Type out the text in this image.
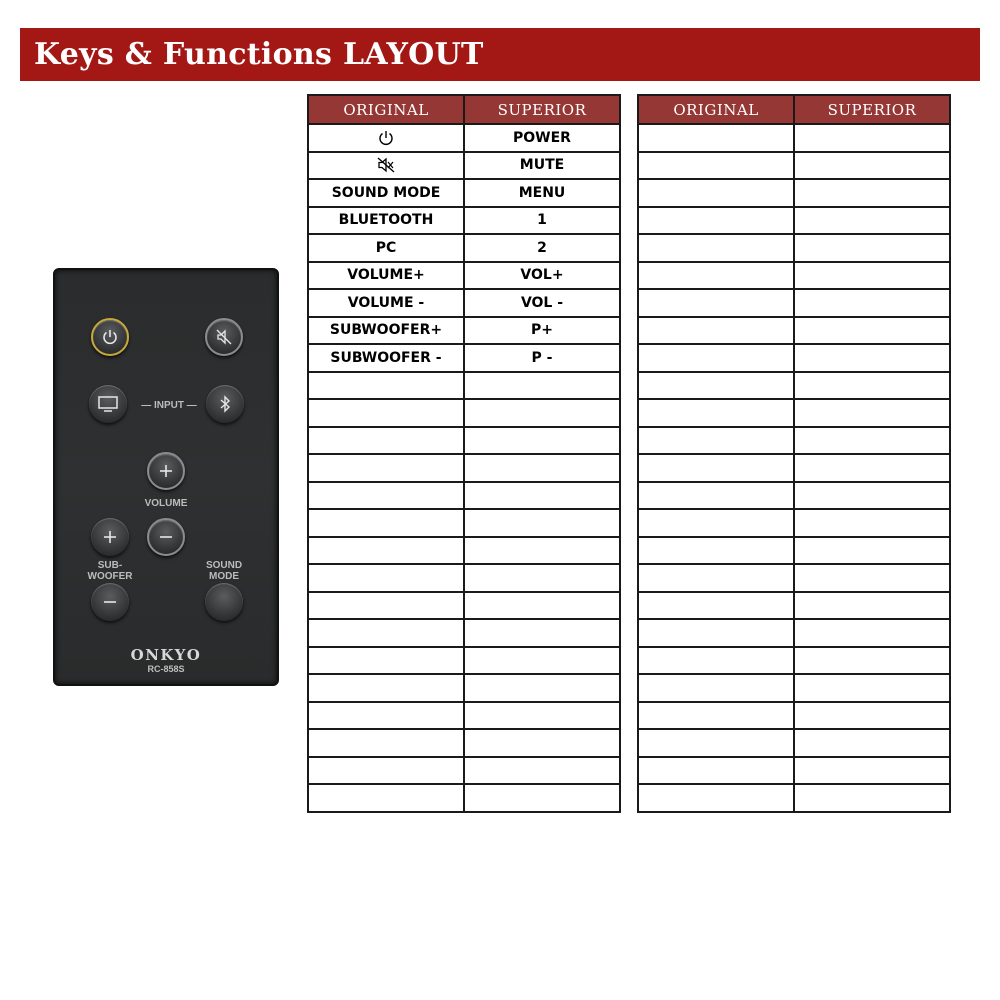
Keys & Functions LAYOUT
— INPUT —
VOLUME
SUB-
WOOFER
SOUND
MODE
ONKYO
RC-858S
ORIGINAL	SUPERIOR
	POWER
	MUTE
SOUND MODE	MENU
BLUETOOTH	1
PC	2
VOLUME+	VOL+
VOLUME -	VOL -
SUBWOOFER+	P+
SUBWOOFER -	P -

ORIGINAL	SUPERIOR
